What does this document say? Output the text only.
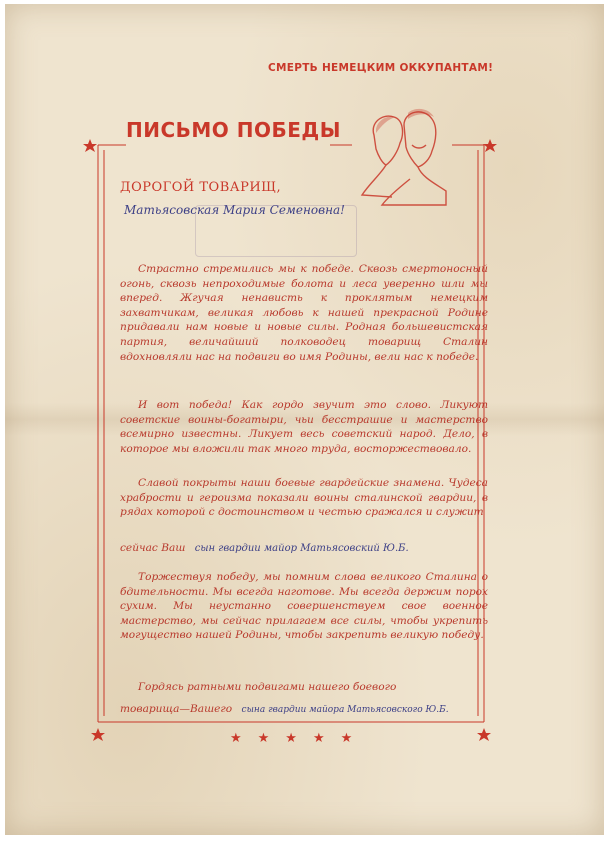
СМЕРТЬ НЕМЕЦКИМ ОККУПАНТАМ!
ПИСЬМО ПОБЕДЫ
ДОРОГОЙ ТОВАРИЩ,
Матьясовская Мария Семеновна!
Страстно стремились мы к победе. Сквозь смертоносный огонь, сквозь непроходимые болота и леса уверенно шли мы вперед. Жгучая ненависть к проклятым немецким захватчикам, великая любовь к нашей прекрасной Родине придавали нам новые и новые силы. Родная большевистская партия, величайший полководец товарищ Сталин вдохновляли нас на подвиги во имя Родины, вели нас к победе.
И вот победа! Как гордо звучит это слово. Ликуют советские воины-богатыри, чьи бесстрашие и мастерство всемирно известны. Ликует весь советский народ. Дело, в которое мы вложили так много труда, восторжествовало.
Славой покрыты наши боевые гвардейские знамена. Чудеса храбрости и героизма показали воины сталинской гвардии, в рядах которой с достоинством и честью сражался и служит
сейчас Ваш сын гвардии майор Матьясовский Ю.Б.
Торжествуя победу, мы помним слова великого Сталина о бдительности. Мы всегда наготове. Мы всегда держим порох сухим. Мы неустанно совершенствуем свое военное мастерство, мы сейчас прилагаем все силы, чтобы укрепить могущество нашей Родины, чтобы закрепить великую победу.
Гордясь ратными подвигами нашего боевого
товарища—Вашего сына гвардии майора Матьясовского Ю.Б.
★★★★★
